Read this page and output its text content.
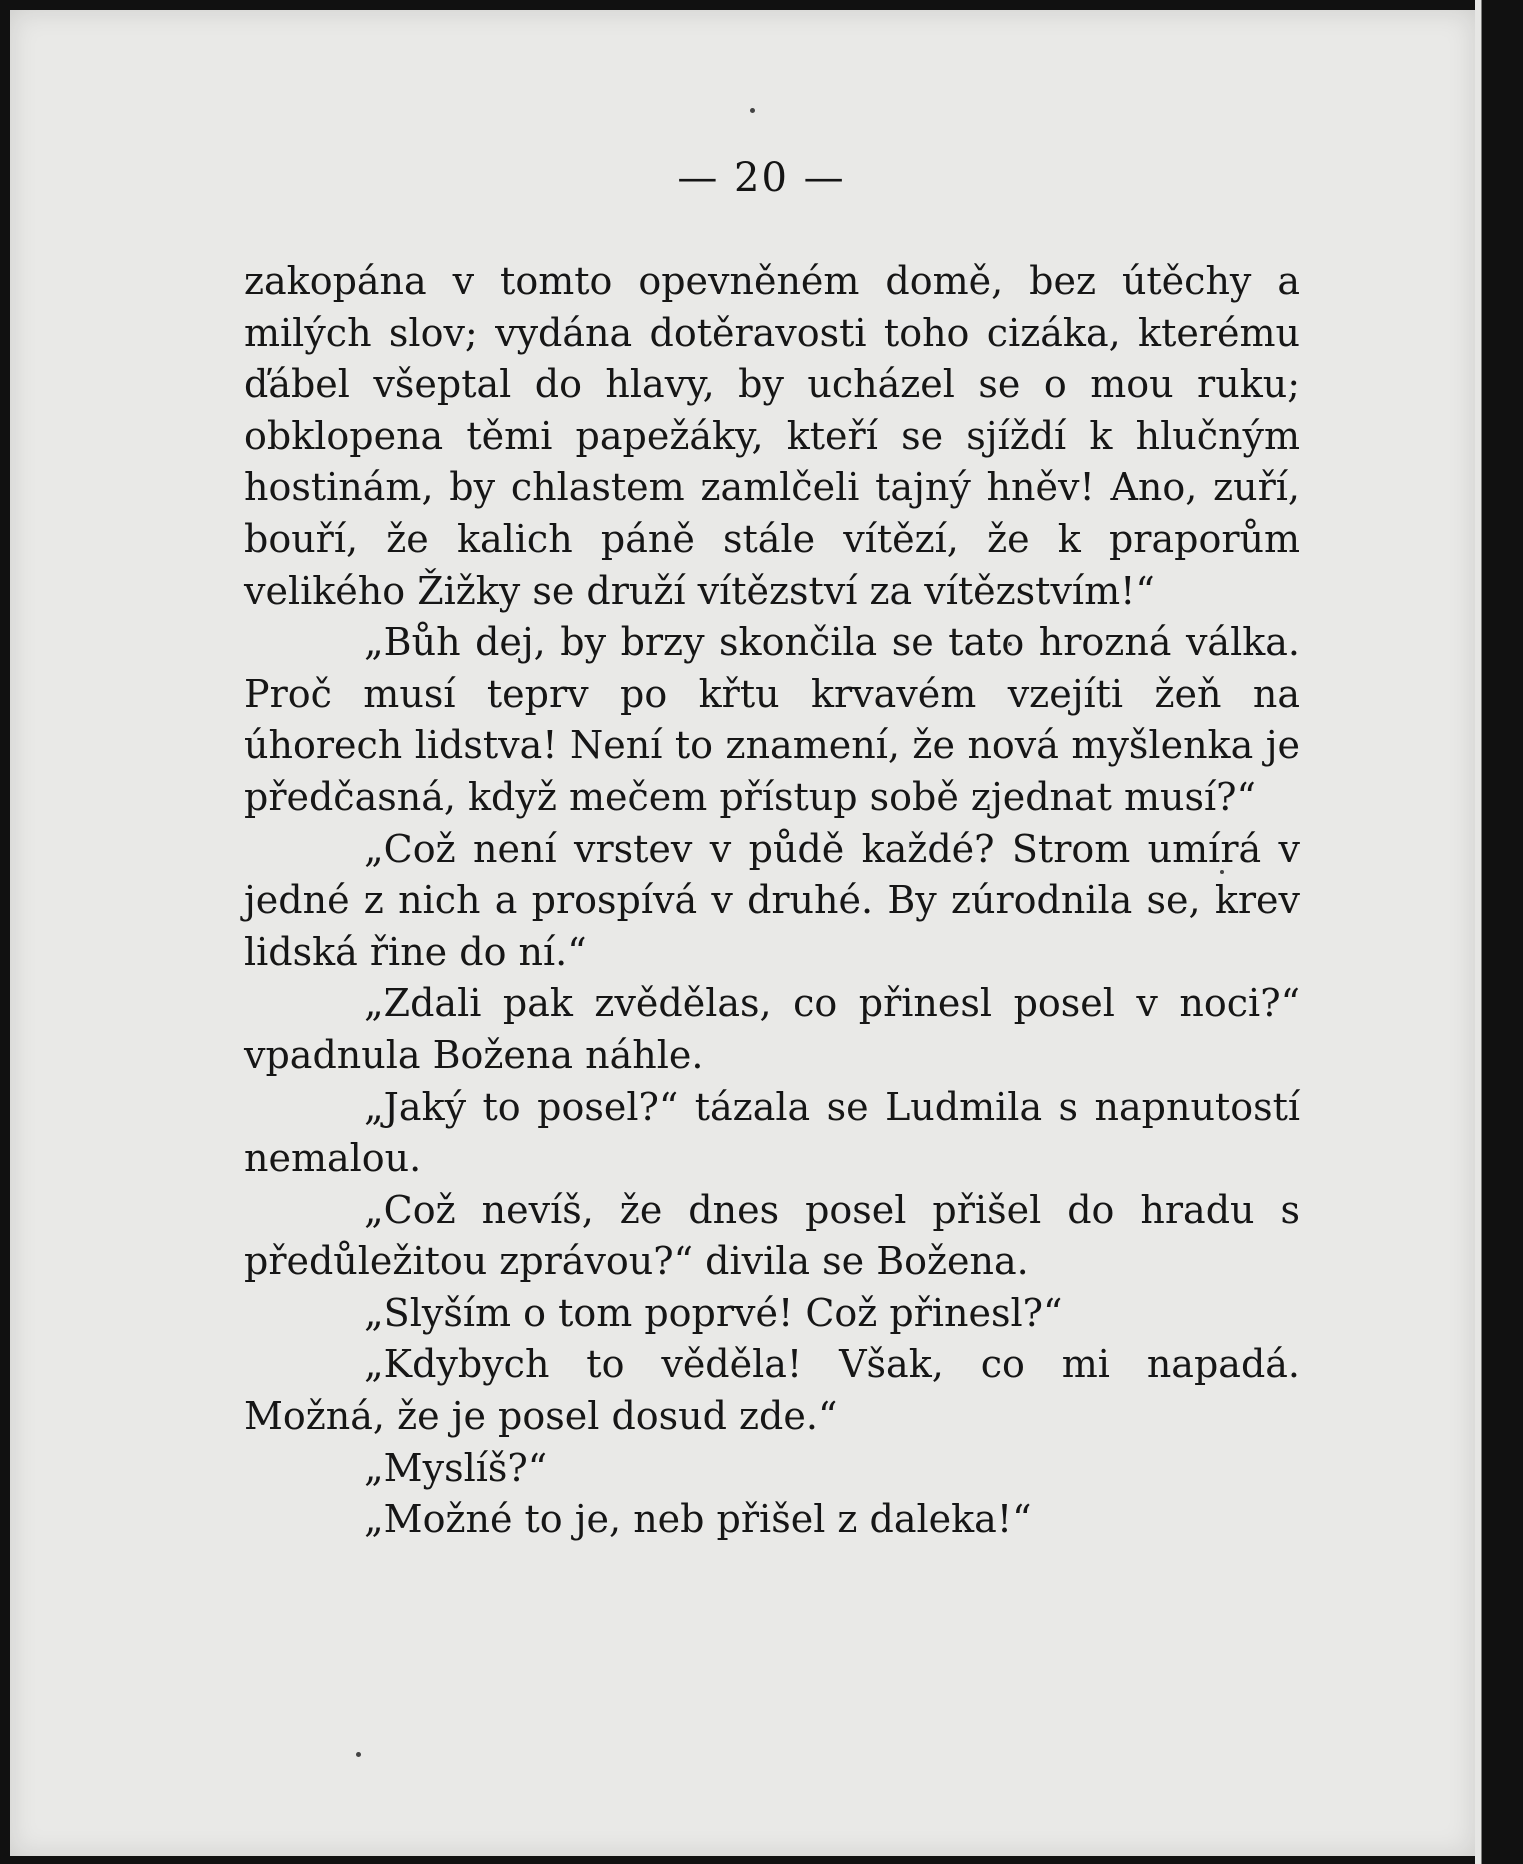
— 20 —

zakopána v tomto opevněném domě, bez útěchy a milých slov; vydána dotěravosti toho cizáka, kterému ďábel všeptal do hlavy, by ucházel se o mou ruku; obklopena těmi papežáky, kteří se sjíždí k hlučným hostinám, by chlastem zamlčeli tajný hněv! Ano, zuří, bouří, že kalich páně stále vítězí, že k praporům velikého Žižky se druží vítězství za vítězstvím!“

„Bůh dej, by brzy skončila se tato hrozná válka. Proč musí teprv po křtu krvavém vzejíti žeň na úhorech lidstva! Není to znamení, že nová myšlenka je předčasná, když mečem přístup sobě zjednat musí?“

„Což není vrstev v půdě každé? Strom umírá v jedné z nich a prospívá v druhé. By zúrodnila se, krev lidská řine do ní.“

„Zdali pak zvědělas, co přinesl posel v noci?“ vpadnula Božena náhle.

„Jaký to posel?“ tázala se Ludmila s napnutostí nemalou.

„Což nevíš, že dnes posel přišel do hradu s předůležitou zprávou?“ divila se Božena.

„Slyším o tom poprvé! Což přinesl?“

„Kdybych to věděla! Však, co mi napadá. Možná, že je posel dosud zde.“

„Myslíš?“

„Možné to je, neb přišel z daleka!“
